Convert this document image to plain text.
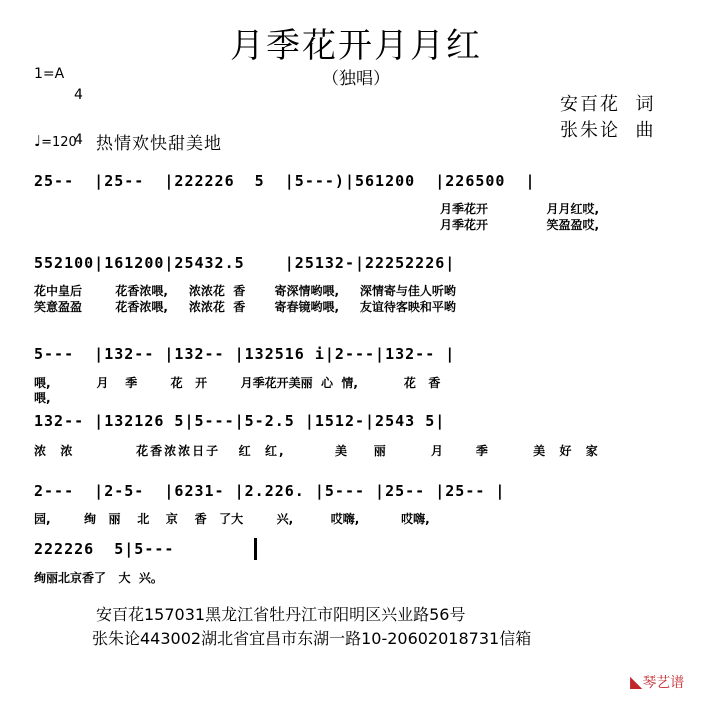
月季花开月月红
（独唱）
1=A

4

4

安百花  词
张朱论  曲
♩=120 热情欢快甜美地
25--  |25--  |222226  5  |5---)|561200  |226500  |
月季花开              月月红哎,
月季花开              笑盈盈哎,
552100|161200|25432.5    |25132-|22252226|
花中皇后        花香浓喂,     浓浓花  香       寄深情哟喂,     深情寄与佳人听哟
笑意盈盈        花香浓喂,     浓浓花  香       寄春镜哟喂,     友谊待客映和平哟
5---  |132-- |132-- |132516 i|2---|132-- |
喂,           月    季        花   开        月季花开美丽  心  情,           花   香
喂,
132-- |132126 5|5---|5-2.5 |1512-|2543 5|
浓  浓          花香浓浓日子   红  红,        美    丽       月     季       美  好  家
2---  |2-5-  |6231- |2.226. |5--- |25-- |25-- |
园,        绚   丽    北    京    香   了大        兴,         哎嗨,          哎嗨,
222226  5|5---
绚丽北京香了   大  兴。
安百花157031黑龙江省牡丹江市阳明区兴业路56号
张朱论443002湖北省宜昌市东湖一路10-20602018731信箱
◣琴艺谱
